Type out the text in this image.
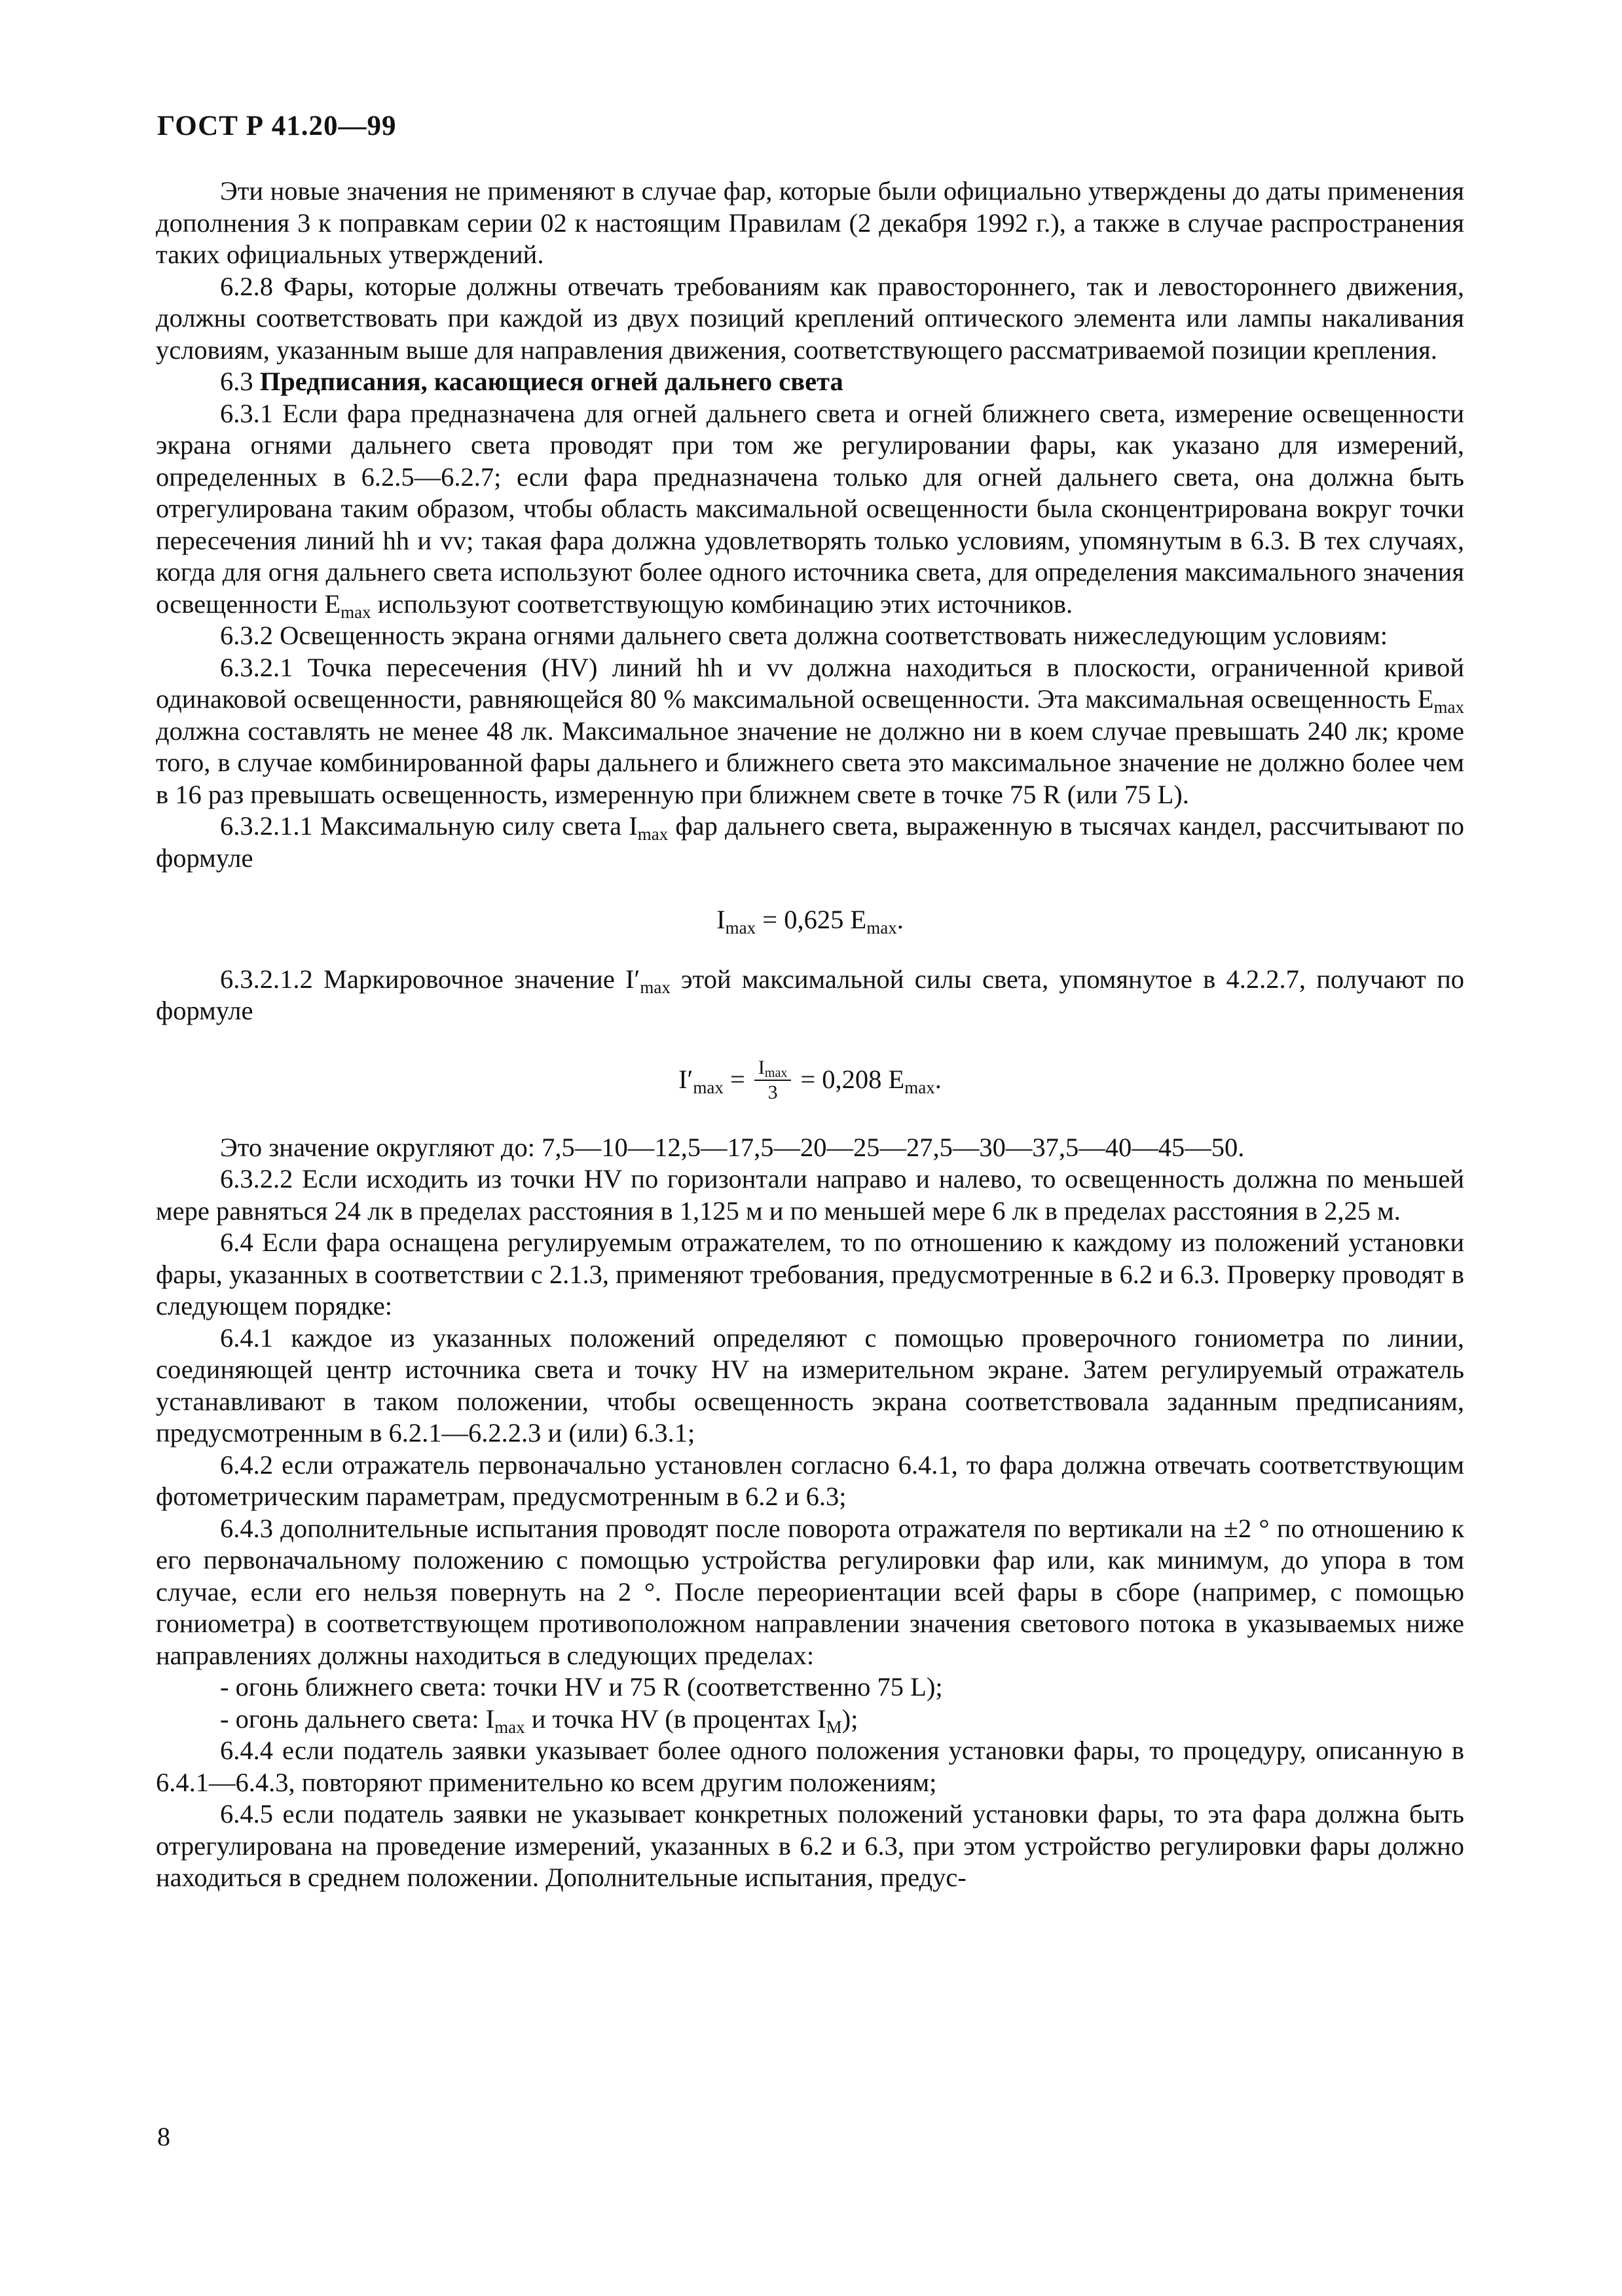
ГОСТ Р 41.20—99

Эти новые значения не применяют в случае фар, которые были официально утверждены до даты применения дополнения 3 к поправкам серии 02 к настоящим Правилам (2 декабря 1992 г.), а также в случае распространения таких официальных утверждений.

6.2.8 Фары, которые должны отвечать требованиям как правостороннего, так и левостороннего движения, должны соответствовать при каждой из двух позиций креплений оптического элемента или лампы накаливания условиям, указанным выше для направления движения, соответствующего рассматриваемой позиции крепления.

6.3 Предписания, касающиеся огней дальнего света

6.3.1 Если фара предназначена для огней дальнего света и огней ближнего света, измерение освещенности экрана огнями дальнего света проводят при том же регулировании фары, как указано для измерений, определенных в 6.2.5—6.2.7; если фара предназначена только для огней дальнего света, она должна быть отрегулирована таким образом, чтобы область максимальной освещенности была сконцентрирована вокруг точки пересечения линий hh и vv; такая фара должна удовлетворять только условиям, упомянутым в 6.3. В тех случаях, когда для огня дальнего света используют более одного источника света, для определения максимального значения освещенности $E_{max}$ используют соответствующую комбинацию этих источников.

6.3.2 Освещенность экрана огнями дальнего света должна соответствовать нижеследующим условиям:

6.3.2.1 Точка пересечения (HV) линий hh и vv должна находиться в плоскости, ограниченной кривой одинаковой освещенности, равняющейся 80 % максимальной освещенности. Эта максимальная освещенность $E_{max}$ должна составлять не менее 48 лк. Максимальное значение не должно ни в коем случае превышать 240 лк; кроме того, в случае комбинированной фары дальнего и ближнего света это максимальное значение не должно более чем в 16 раз превышать освещенность, измеренную при ближнем свете в точке 75 R (или 75 L).

6.3.2.1.1 Максимальную силу света $I_{max}$ фар дальнего света, выраженную в тысячах кандел, рассчитывают по формуле

$I_{max} = 0,625$ $E_{max}$.

6.3.2.1.2 Маркировочное значение $I'_{max}$ этой максимальной силы света, упомянутое в 4.2.2.7, получают по формуле

$I'_{max} = \frac{I_{max}}{3} = 0,208$ $E_{max}$.

Это значение округляют до: 7,5—10—12,5—17,5—20—25—27,5—30—37,5—40—45—50.

6.3.2.2 Если исходить из точки HV по горизонтали направо и налево, то освещенность должна по меньшей мере равняться 24 лк в пределах расстояния в 1,125 м и по меньшей мере 6 лк в пределах расстояния в 2,25 м.

6.4 Если фара оснащена регулируемым отражателем, то по отношению к каждому из положений установки фары, указанных в соответствии с 2.1.3, применяют требования, предусмотренные в 6.2 и 6.3. Проверку проводят в следующем порядке:

6.4.1 каждое из указанных положений определяют с помощью проверочного гониометра по линии, соединяющей центр источника света и точку HV на измерительном экране. Затем регулируемый отражатель устанавливают в таком положении, чтобы освещенность экрана соответствовала заданным предписаниям, предусмотренным в 6.2.1—6.2.2.3 и (или) 6.3.1;

6.4.2 если отражатель первоначально установлен согласно 6.4.1, то фара должна отвечать соответствующим фотометрическим параметрам, предусмотренным в 6.2 и 6.3;

6.4.3 дополнительные испытания проводят после поворота отражателя по вертикали на ±2 ° по отношению к его первоначальному положению с помощью устройства регулировки фар или, как минимум, до упора в том случае, если его нельзя повернуть на 2 °. После переориентации всей фары в сборе (например, с помощью гониометра) в соответствующем противоположном направлении значения светового потока в указываемых ниже направлениях должны находиться в следующих пределах:

- огонь ближнего света: точки HV и 75 R (соответственно 75 L);

- огонь дальнего света: $I_{max}$ и точка HV (в процентах $I_M$);

6.4.4 если податель заявки указывает более одного положения установки фары, то процедуру, описанную в 6.4.1—6.4.3, повторяют применительно ко всем другим положениям;

6.4.5 если податель заявки не указывает конкретных положений установки фары, то эта фара должна быть отрегулирована на проведение измерений, указанных в 6.2 и 6.3, при этом устройство регулировки фары должно находиться в среднем положении. Дополнительные испытания, предус-

8
